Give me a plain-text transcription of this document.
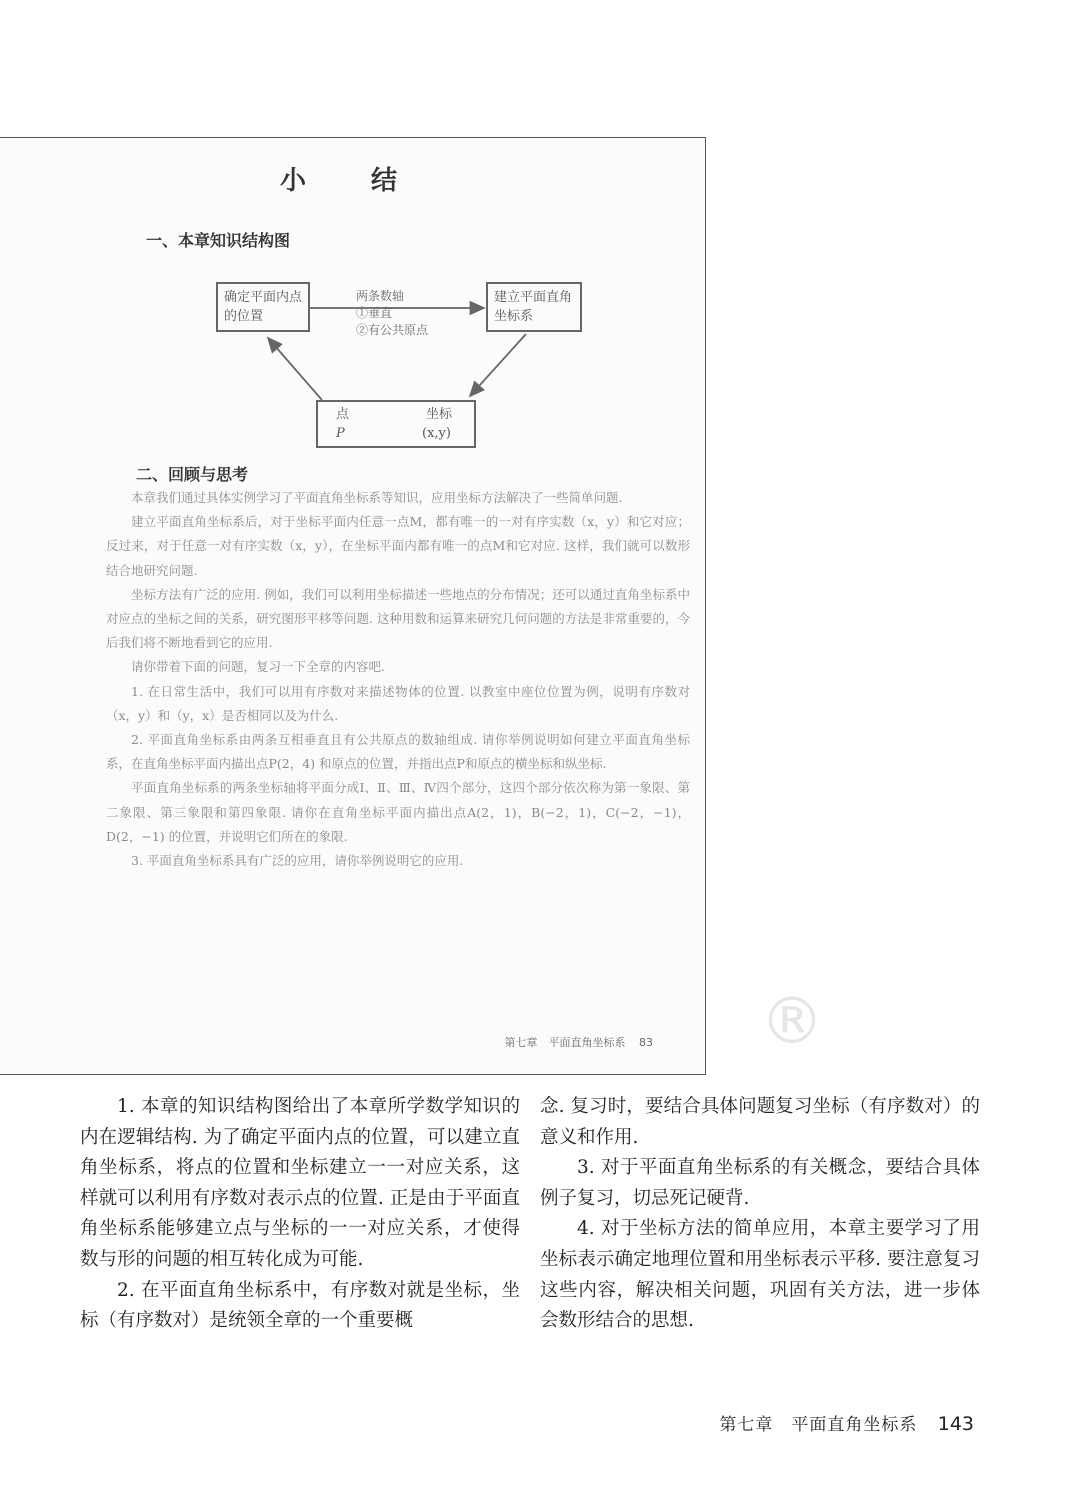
小 结
一、本章知识结构图
确定平面内点的位置
建立平面直角坐标系
两条数轴
①垂直
②有公共原点
点
P
坐标
(x,y)
二、回顾与思考

本章我们通过具体实例学习了平面直角坐标系等知识，应用坐标方法解决了一些简单问题.

建立平面直角坐标系后，对于坐标平面内任意一点M，都有唯一的一对有序实数（x，y）和它对应；反过来，对于任意一对有序实数（x，y），在坐标平面内都有唯一的点M和它对应. 这样，我们就可以数形结合地研究问题.

坐标方法有广泛的应用. 例如，我们可以利用坐标描述一些地点的分布情况；还可以通过直角坐标系中对应点的坐标之间的关系，研究图形平移等问题. 这种用数和运算来研究几何问题的方法是非常重要的，今后我们将不断地看到它的应用.

请你带着下面的问题，复习一下全章的内容吧.

1. 在日常生活中，我们可以用有序数对来描述物体的位置. 以教室中座位位置为例，说明有序数对（x，y）和（y，x）是否相同以及为什么.

2. 平面直角坐标系由两条互相垂直且有公共原点的数轴组成. 请你举例说明如何建立平面直角坐标系，在直角坐标平面内描出点P(2，4) 和原点的位置，并指出点P和原点的横坐标和纵坐标.

平面直角坐标系的两条坐标轴将平面分成Ⅰ、Ⅱ、Ⅲ、Ⅳ四个部分，这四个部分依次称为第一象限、第二象限、第三象限和第四象限. 请你在直角坐标平面内描出点A(2，1)，B(−2，1)，C(−2，−1)，D(2，−1) 的位置，并说明它们所在的象限.

3. 平面直角坐标系具有广泛的应用，请你举例说明它的应用.

第七章　平面直角坐标系 83 ®

1. 本章的知识结构图给出了本章所学数学知识的内在逻辑结构. 为了确定平面内点的位置，可以建立直角坐标系，将点的位置和坐标建立一一对应关系，这样就可以利用有序数对表示点的位置. 正是由于平面直角坐标系能够建立点与坐标的一一对应关系，才使得数与形的问题的相互转化成为可能.

2. 在平面直角坐标系中，有序数对就是坐标，坐标（有序数对）是统领全章的一个重要概

念. 复习时，要结合具体问题复习坐标（有序数对）的意义和作用.

3. 对于平面直角坐标系的有关概念，要结合具体例子复习，切忌死记硬背.

4. 对于坐标方法的简单应用，本章主要学习了用坐标表示确定地理位置和用坐标表示平移. 要注意复习这些内容，解决相关问题，巩固有关方法，进一步体会数形结合的思想.

第七章　平面直角坐标系 143
